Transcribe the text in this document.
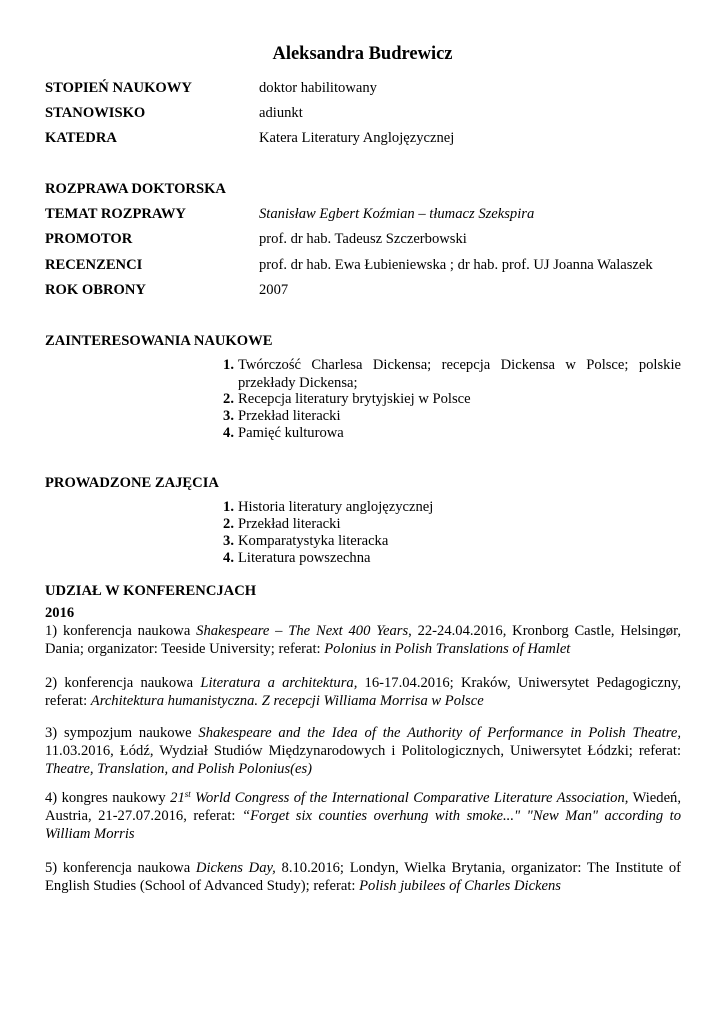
Aleksandra Budrewicz
STOPIEŃ NAUKOWY	doktor habilitowany
STANOWISKO	adiunkt
KATEDRA	Katera Literatury Anglojęzycznej
ROZPRAWA DOKTORSKA
TEMAT ROZPRAWY	Stanisław Egbert Koźmian – tłumacz Szekspira
PROMOTOR	prof. dr hab. Tadeusz Szczerbowski
RECENZENCI	prof. dr hab. Ewa Łubieniewska ; dr hab. prof. UJ Joanna Walaszek
ROK OBRONY	2007
ZAINTERESOWANIA NAUKOWE
1. Twórczość Charlesa Dickensa; recepcja Dickensa w Polsce; polskie przekłady Dickensa;
2. Recepcja literatury brytyjskiej w Polsce
3. Przekład literacki
4. Pamięć kulturowa
PROWADZONE ZAJĘCIA
1. Historia literatury anglojęzycznej
2. Przekład literacki
3. Komparatystyka literacka
4. Literatura powszechna
UDZIAŁ W KONFERENCJACH
2016
1) konferencja naukowa Shakespeare – The Next 400 Years, 22-24.04.2016, Kronborg Castle, Helsingør,
Dania; organizator: Teeside University; referat: Polonius in Polish Translations of Hamlet
2) konferencja naukowa Literatura a architektura, 16-17.04.2016; Kraków, Uniwersytet Pedagogiczny,
referat: Architektura humanistyczna. Z recepcji Williama Morrisa w Polsce
3) sympozjum naukowe Shakespeare and the Idea of the Authority of Performance in Polish Theatre,
11.03.2016, Łódź, Wydział Studiów Międzynarodowych i Politologicznych, Uniwersytet Łódzki; referat:
Theatre, Translation, and Polish Polonius(es)
4) kongres naukowy 21st World Congress of the International Comparative Literature Association, Wiedeń,
Austria, 21-27.07.2016, referat: “Forget six counties overhung with smoke..." "New Man" according to
William Morris
5) konferencja naukowa Dickens Day, 8.10.2016; Londyn, Wielka Brytania, organizator: The Institute of
English Studies (School of Advanced Study); referat: Polish jubilees of Charles Dickens
